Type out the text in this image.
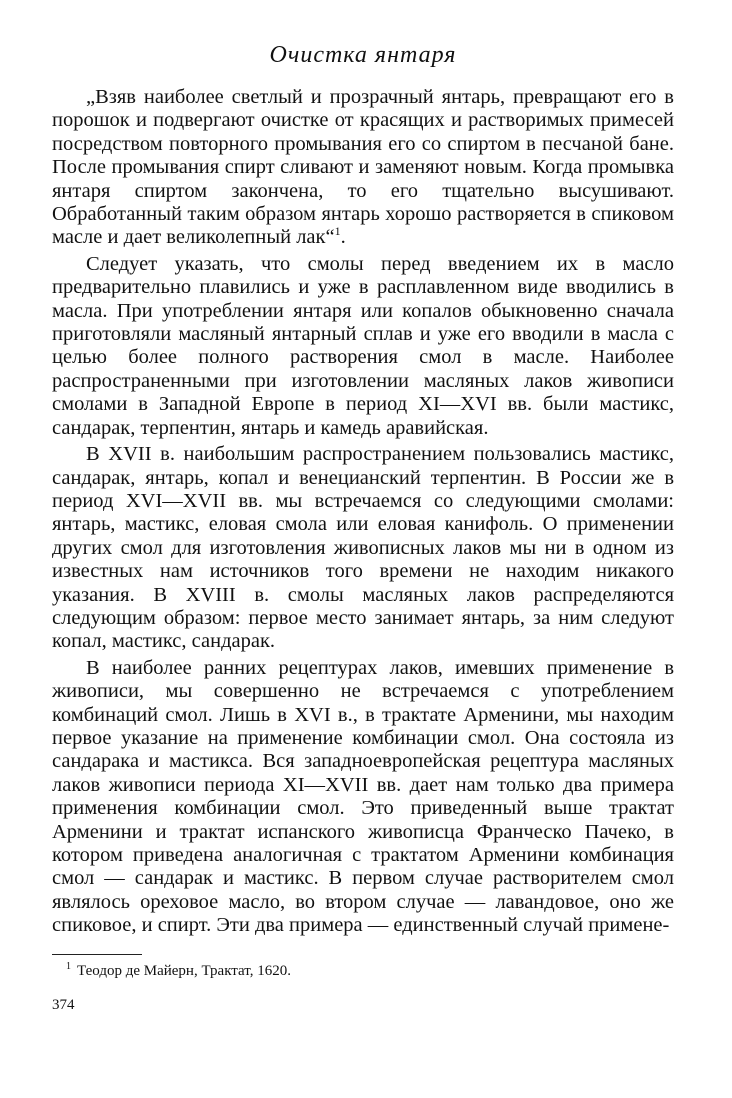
Очистка янтаря

„Взяв наиболее светлый и прозрачный янтарь, превращают его в порошок и подвергают очистке от красящих и растворимых примесей посредством повторного промывания его со спиртом в песчаной бане. После промывания спирт сливают и заменяют новым. Когда промывка янтаря спиртом закончена, то его тщательно высушивают. Обработанный таким образом янтарь хорошо растворяется в спиковом масле и дает великолепный лак“$^1$.

Следует указать, что смолы перед введением их в масло предварительно плавились и уже в расплавленном виде вводились в масла. При употреблении янтаря или копалов обыкновенно сначала приготовляли масляный янтарный сплав и уже его вводили в масла с целью более полного растворения смол в масле. Наиболее распространенными при изготовлении масляных лаков живописи смолами в Западной Европе в период XI—XVI вв. были мастикс, сандарак, терпентин, янтарь и камедь аравийская.

В XVII в. наибольшим распространением пользовались мастикс, сандарак, янтарь, копал и венецианский терпентин. В России же в период XVI—XVII вв. мы встречаемся со следующими смолами: янтарь, мастикс, еловая смола или еловая канифоль. О применении других смол для изготовления живописных лаков мы ни в одном из известных нам источников того времени не находим никакого указания. В XVIII в. смолы масляных лаков распределяются следующим образом: первое место занимает янтарь, за ним следуют копал, мастикс, сандарак.

В наиболее ранних рецептурах лаков, имевших применение в живописи, мы совершенно не встречаемся с употреблением комбинаций смол. Лишь в XVI в., в трактате Арменини, мы находим первое указание на применение комбинации смол. Она состояла из сандарака и мастикса. Вся западноевропейская рецептура масляных лаков живописи периода XI—XVII вв. дает нам только два примера применения комбинации смол. Это приведенный выше трактат Арменини и трактат испанского живописца Франческо Пачеко, в котором приведена аналогичная с трактатом Арменини комбинация смол — сандарак и мастикс. В первом случае растворителем смол являлось ореховое масло, во втором случае — лавандовое, оно же спиковое, и спирт. Эти два примера — единственный случай примене-

$^1$ Теодор де Майерн, Трактат, 1620.
374
